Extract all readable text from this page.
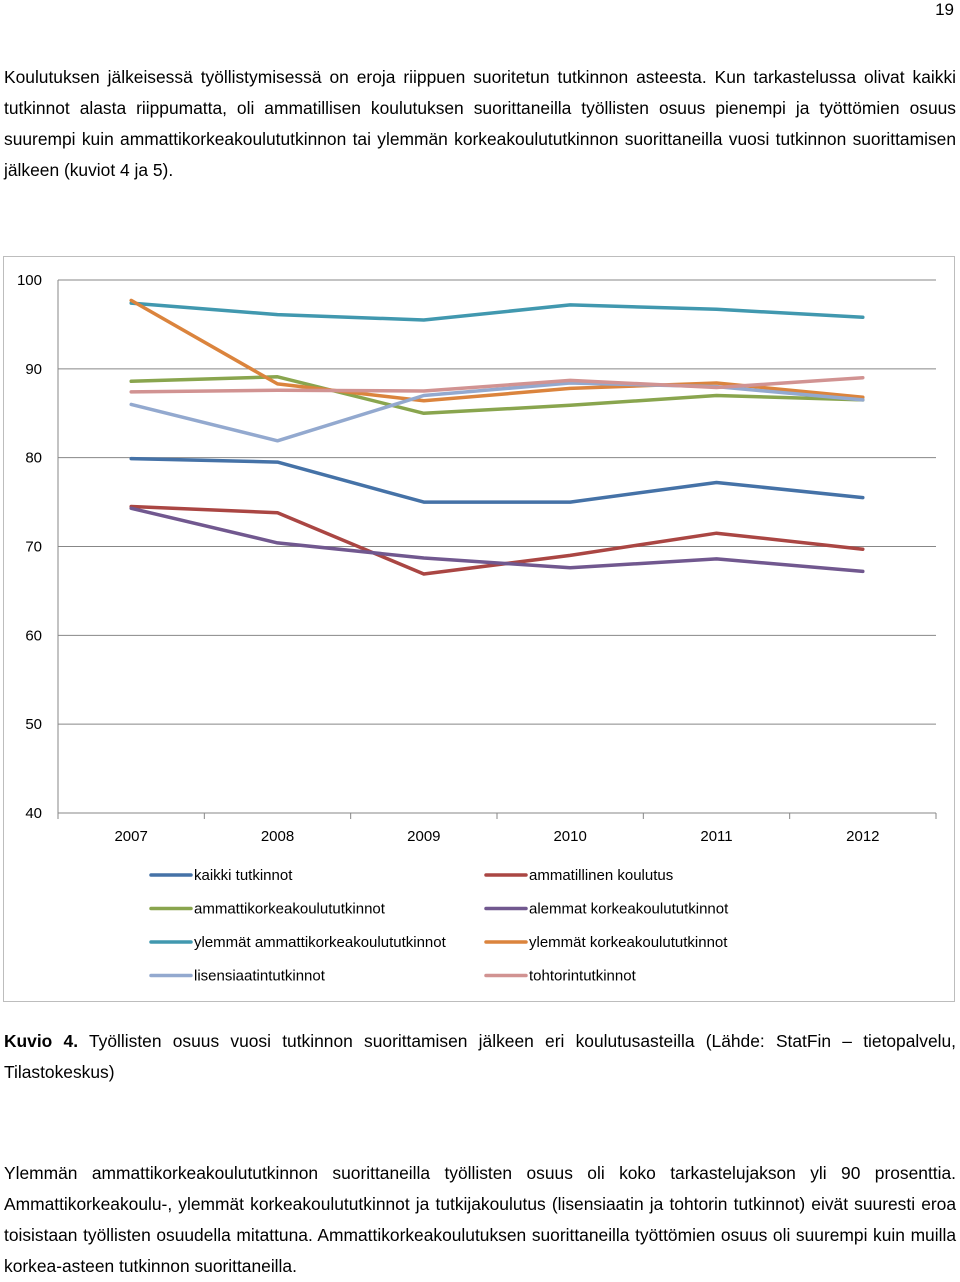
19

Koulutuksen jälkeisessä työllistymisessä on eroja riippuen suoritetun tutkinnon asteesta. Kun tarkastelussa olivat kaikki tutkinnot alasta riippumatta, oli ammatillisen koulutuksen suorittaneilla työllisten osuus pienempi ja työttömien osuus suurempi kuin ammattikorkeakoulututkinnon tai ylemmän korkeakoulututkinnon suorittaneilla vuosi tutkinnon suorittamisen jälkeen (kuviot 4 ja 5).

40
50
60
70
80
90
100
2007	2008	2009	2010	2011	2012
kaikki tutkinnot	ammatillinen koulutus
ammattikorkeakoulututkinnot	alemmat korkeakoulututkinnot
ylemmät ammattikorkeakoulututkinnot	ylemmät korkeakoulututkinnot
lisensiaatintutkinnot	tohtorintutkinnot

Kuvio 4. Työllisten osuus vuosi tutkinnon suorittamisen jälkeen eri koulutusasteilla (Lähde: StatFin – tietopalvelu, Tilastokeskus)

Ylemmän ammattikorkeakoulututkinnon suorittaneilla työllisten osuus oli koko tarkastelujakson yli 90 prosenttia. Ammattikorkeakoulu-, ylemmät korkeakoulututkinnot ja tutkijakoulutus (lisensiaatin ja tohtorin tutkinnot) eivät suuresti eroa toisistaan työllisten osuudella mitattuna. Ammattikorkeakoulutuksen suorittaneilla työttömien osuus oli suurempi kuin muilla korkea-asteen tutkinnon suorittaneilla.
